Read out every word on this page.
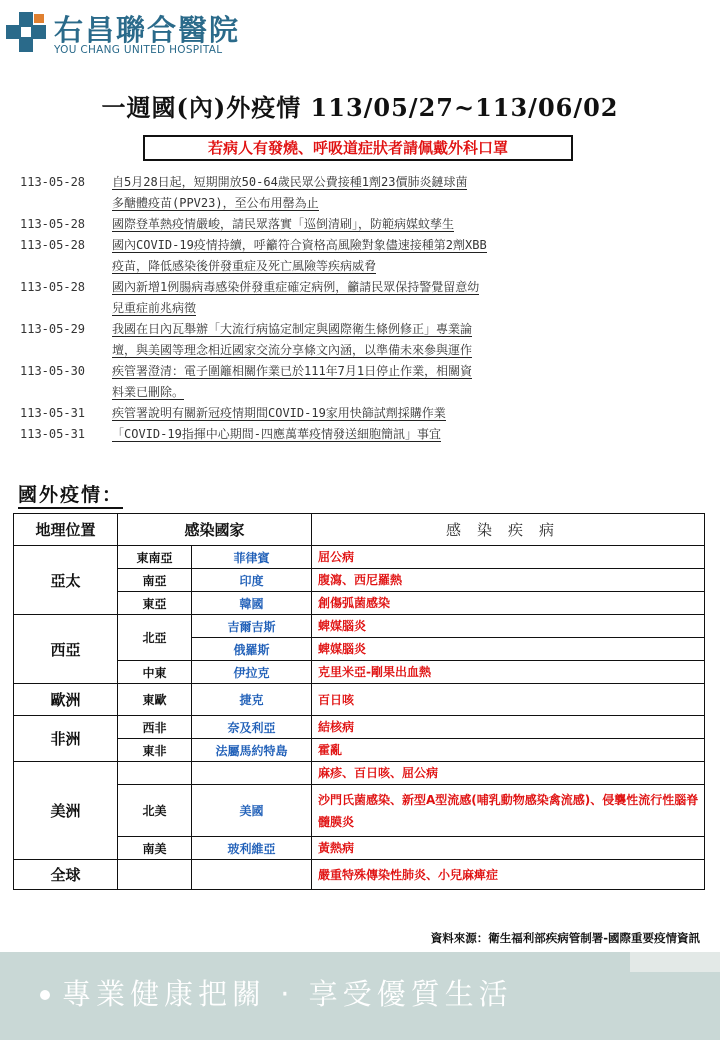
右昌聯合醫院
YOU CHANG UNITED HOSPITAL
一週國(內)外疫情 113/05/27~113/06/02
若病人有發燒、呼吸道症狀者請佩戴外科口罩
113-05-28	自5月28日起，短期開放50-64歲民眾公費接種1劑23價肺炎鏈球菌
多醣體疫苗(PPV23)，至公布用罄為止
113-05-28	國際登革熱疫情嚴峻，請民眾落實「巡倒清刷」，防範病媒蚊孳生
113-05-28	國內COVID-19疫情持續，呼籲符合資格高風險對象儘速接種第2劑XBB
疫苗，降低感染後併發重症及死亡風險等疾病威脅
113-05-28	國內新增1例腸病毒感染併發重症確定病例，籲請民眾保持警覺留意幼
兒重症前兆病徵
113-05-29	我國在日內瓦舉辦「大流行病協定制定與國際衛生條例修正」專業論
壇，與美國等理念相近國家交流分享條文內涵，以準備未來參與運作
113-05-30	疾管署澄清：電子圍籬相關作業已於111年7月1日停止作業，相關資
料業已刪除。
113-05-31	疾管署說明有關新冠疫情期間COVID-19家用快篩試劑採購作業
113-05-31	「COVID-19指揮中心期間-四應萬華疫情發送細胞簡訊」事宜
國外疫情：
地理位置	感染國家		感染疾病
亞太	東南亞	菲律賓	屈公病
	南亞	印度	腹瀉、西尼羅熱
	東亞	韓國	創傷弧菌感染
西亞	北亞	吉爾吉斯	蜱媒腦炎
		俄羅斯	蜱媒腦炎
	中東	伊拉克	克里米亞-剛果出血熱
歐洲	東歐	捷克	百日咳
非洲	西非	奈及利亞	結核病
	東非	法屬馬約特島	霍亂
美洲			麻疹、百日咳、屈公病
	北美	美國	沙門氏菌感染、新型A型流感(哺乳動物感染禽流感)、侵襲性流行性腦脊髓膜炎
	南美	玻利維亞	黃熱病
全球			嚴重特殊傳染性肺炎、小兒麻痺症
資料來源：衛生福利部疾病管制署-國際重要疫情資訊
專業健康把關 · 享受優質生活
